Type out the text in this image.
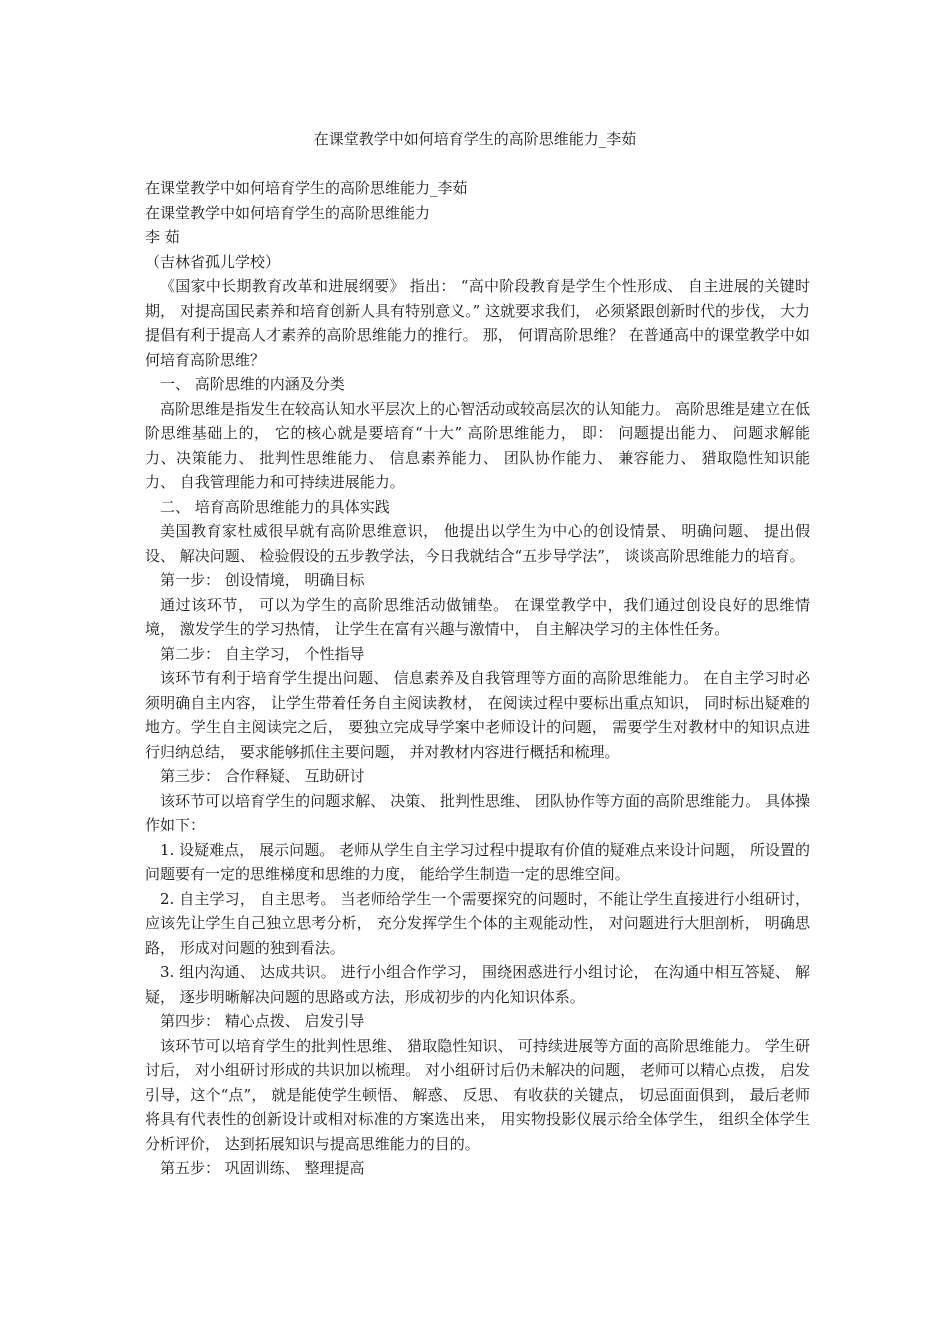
在课堂教学中如何培育学生的高阶思维能力_李茹

在课堂教学中如何培育学生的高阶思维能力_李茹

在课堂教学中如何培育学生的高阶思维能力

李 茹

（吉林省孤儿学校）

《国家中长期教育改革和进展纲要》 指出： “高中阶段教育是学生个性形成、 自主进展的关键时期， 对提高国民素养和培育创新人具有特别意义。” 这就要求我们， 必须紧跟创新时代的步伐， 大力提倡有利于提高人才素养的高阶思维能力的推行。 那， 何谓高阶思维？ 在普通高中的课堂教学中如何培育高阶思维？

一、 高阶思维的内涵及分类

高阶思维是指发生在较高认知水平层次上的心智活动或较高层次的认知能力。 高阶思维是建立在低阶思维基础上的， 它的核心就是要培育“十大” 高阶思维能力， 即： 问题提出能力、 问题求解能力、决策能力、 批判性思维能力、 信息素养能力、 团队协作能力、 兼容能力、 猎取隐性知识能力、 自我管理能力和可持续进展能力。

二、 培育高阶思维能力的具体实践

美国教育家杜威很早就有高阶思维意识， 他提出以学生为中心的创设情景、 明确问题、 提出假设、 解决问题、 检验假设的五步教学法，今日我就结合“五步导学法”， 谈谈高阶思维能力的培育。

第一步： 创设情境， 明确目标

通过该环节， 可以为学生的高阶思维活动做铺垫。 在课堂教学中，我们通过创设良好的思维情境， 激发学生的学习热情， 让学生在富有兴趣与激情中， 自主解决学习的主体性任务。

第二步： 自主学习， 个性指导

该环节有利于培育学生提出问题、 信息素养及自我管理等方面的高阶思维能力。 在自主学习时必须明确自主内容， 让学生带着任务自主阅读教材， 在阅读过程中要标出重点知识， 同时标出疑难的地方。学生自主阅读完之后， 要独立完成导学案中老师设计的问题， 需要学生对教材中的知识点进行归纳总结， 要求能够抓住主要问题， 并对教材内容进行概括和梳理。

第三步： 合作释疑、 互助研讨

该环节可以培育学生的问题求解、 决策、 批判性思维、 团队协作等方面的高阶思维能力。 具体操作如下：

1. 设疑难点， 展示问题。 老师从学生自主学习过程中提取有价值的疑难点来设计问题， 所设置的问题要有一定的思维梯度和思维的力度， 能给学生制造一定的思维空间。

2. 自主学习， 自主思考。 当老师给学生一个需要探究的问题时，不能让学生直接进行小组研讨， 应该先让学生自己独立思考分析， 充分发挥学生个体的主观能动性， 对问题进行大胆剖析， 明确思路， 形成对问题的独到看法。

3. 组内沟通、 达成共识。 进行小组合作学习， 围绕困惑进行小组讨论， 在沟通中相互答疑、 解疑， 逐步明晰解决问题的思路或方法，形成初步的内化知识体系。

第四步： 精心点拨、 启发引导

该环节可以培育学生的批判性思维、 猎取隐性知识、 可持续进展等方面的高阶思维能力。 学生研讨后， 对小组研讨形成的共识加以梳理。 对小组研讨后仍未解决的问题， 老师可以精心点拨， 启发引导，这个“点”， 就是能使学生顿悟、 解惑、 反思、 有收获的关键点， 切忌面面俱到， 最后老师将具有代表性的创新设计或相对标准的方案选出来， 用实物投影仪展示给全体学生， 组织全体学生分析评价， 达到拓展知识与提高思维能力的目的。

第五步： 巩固训练、 整理提高
